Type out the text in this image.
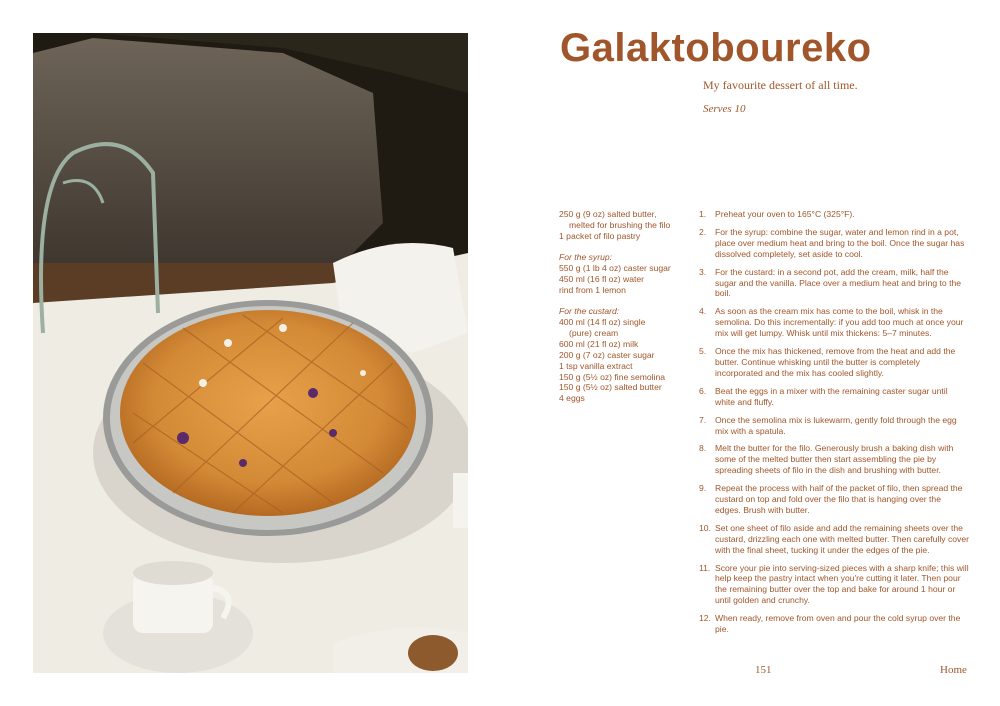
Galaktoboureko
My favourite dessert of all time.
Serves 10
250 g (9 oz) salted butter,
melted for brushing the filo
1 packet of filo pastry
For the syrup:
550 g (1 lb 4 oz) caster sugar
450 ml (16 fl oz) water
rind from 1 lemon
For the custard:
400 ml (14 fl oz) single
(pure) cream
600 ml (21 fl oz) milk
200 g (7 oz) caster sugar
1 tsp vanilla extract
150 g (5½ oz) fine semolina
150 g (5½ oz) salted butter
4 eggs
1.	Preheat your oven to 165°C (325°F).
2.	For the syrup: combine the sugar, water and lemon rind in a pot, place over medium heat and bring to the boil. Once the sugar has dissolved completely, set aside to cool.
3.	For the custard: in a second pot, add the cream, milk, half the sugar and the vanilla. Place over a medium heat and bring to the boil.
4.	As soon as the cream mix has come to the boil, whisk in the semolina. Do this incrementally: if you add too much at once your mix will get lumpy. Whisk until mix thickens: 5–7 minutes.
5.	Once the mix has thickened, remove from the heat and add the butter. Continue whisking until the butter is completely incorporated and the mix has cooled slightly.
6.	Beat the eggs in a mixer with the remaining caster sugar until white and fluffy.
7.	Once the semolina mix is lukewarm, gently fold through the egg mix with a spatula.
8.	Melt the butter for the filo. Generously brush a baking dish with some of the melted butter then start assembling the pie by spreading sheets of filo in the dish and brushing with butter.
9.	Repeat the process with half of the packet of filo, then spread the custard on top and fold over the filo that is hanging over the edges. Brush with butter.
10. Set one sheet of filo aside and add the remaining sheets over the custard, drizzling each one with melted butter. Then carefully cover with the final sheet, tucking it under the edges of the pie.
11. Score your pie into serving-sized pieces with a sharp knife; this will help keep the pastry intact when you're cutting it later. Then pour the remaining butter over the top and bake for around 1 hour or until golden and crunchy.
12. When ready, remove from oven and pour the cold syrup over the pie.
151	Home
